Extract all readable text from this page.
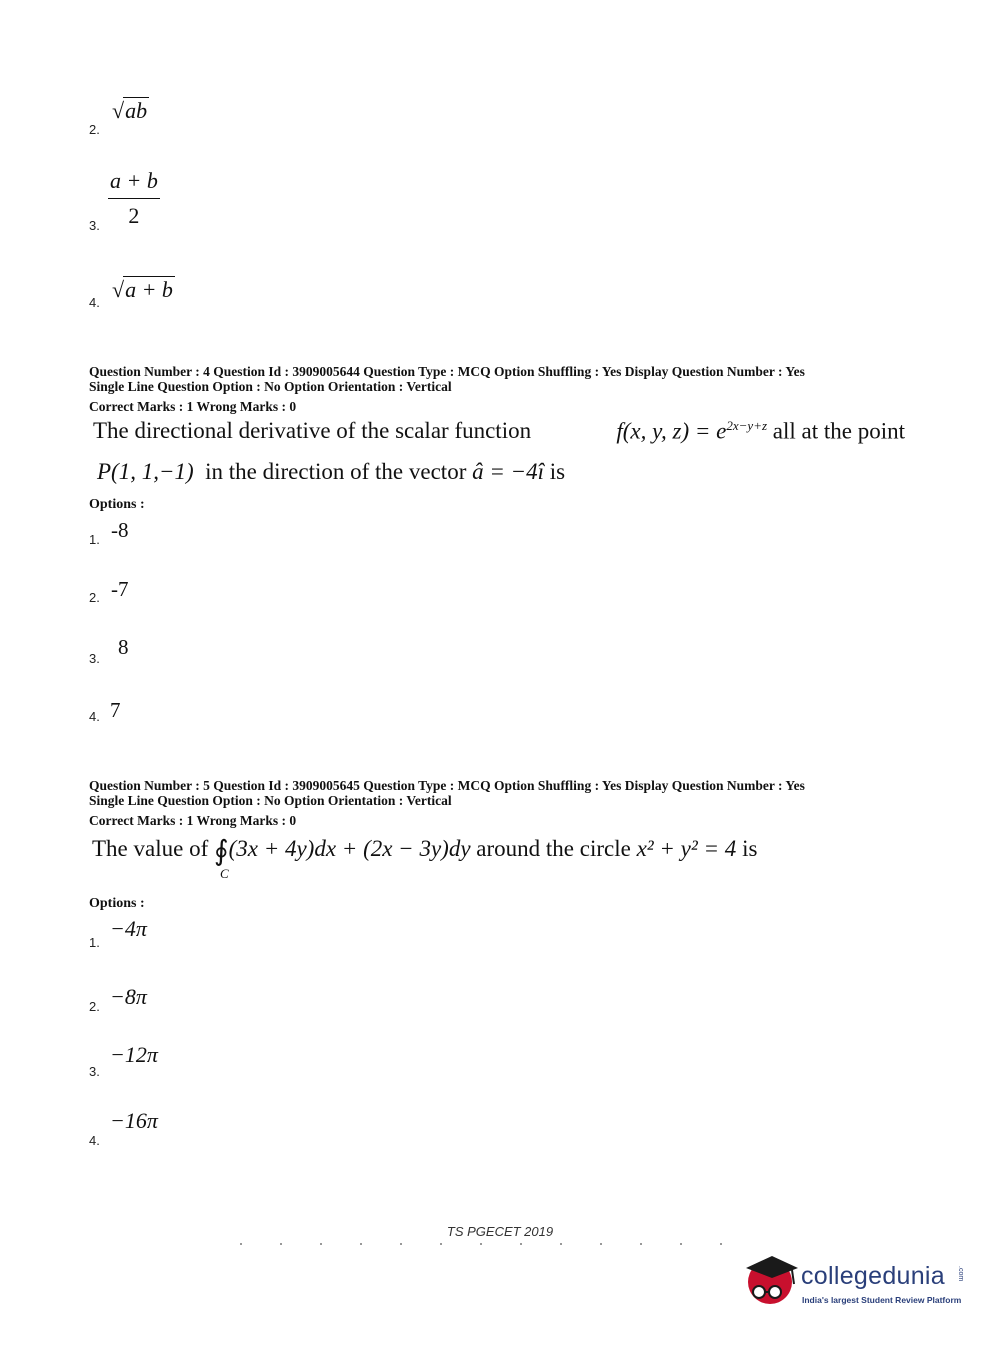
2.
√ab
3. $\frac{a + b}{2}$
4.
√a + b
Question Number : 4 Question Id : 3909005644 Question Type : MCQ Option Shuffling : Yes Display Question Number : Yes
Single Line Question Option : No Option Orientation : Vertical
Correct Marks : 1 Wrong Marks : 0
The directional derivative of the scalar function	f(x, y, $z) = e^{2x-y+z}$ all at the point
P(1, 1,−1) in the direction of the vector â = −4î is
Options :
1. -8
2. -7
3. 8
4. 7
Question Number : 5 Question Id : 3909005645 Question Type : MCQ Option Shuffling : Yes Display Question Number : Yes
Single Line Question Option : No Option Orientation : Vertical
Correct Marks : 1 Wrong Marks : 0
The value of ∮
C
(3x + 4y)dx + (2x − 3y)dy around the circle x² + y² = 4 is
Options :
1.
−4π
2. −8π
3.
−12π
4.
−16π
TS PGECET 2019
collegedunia .com
India's largest Student Review Platform
